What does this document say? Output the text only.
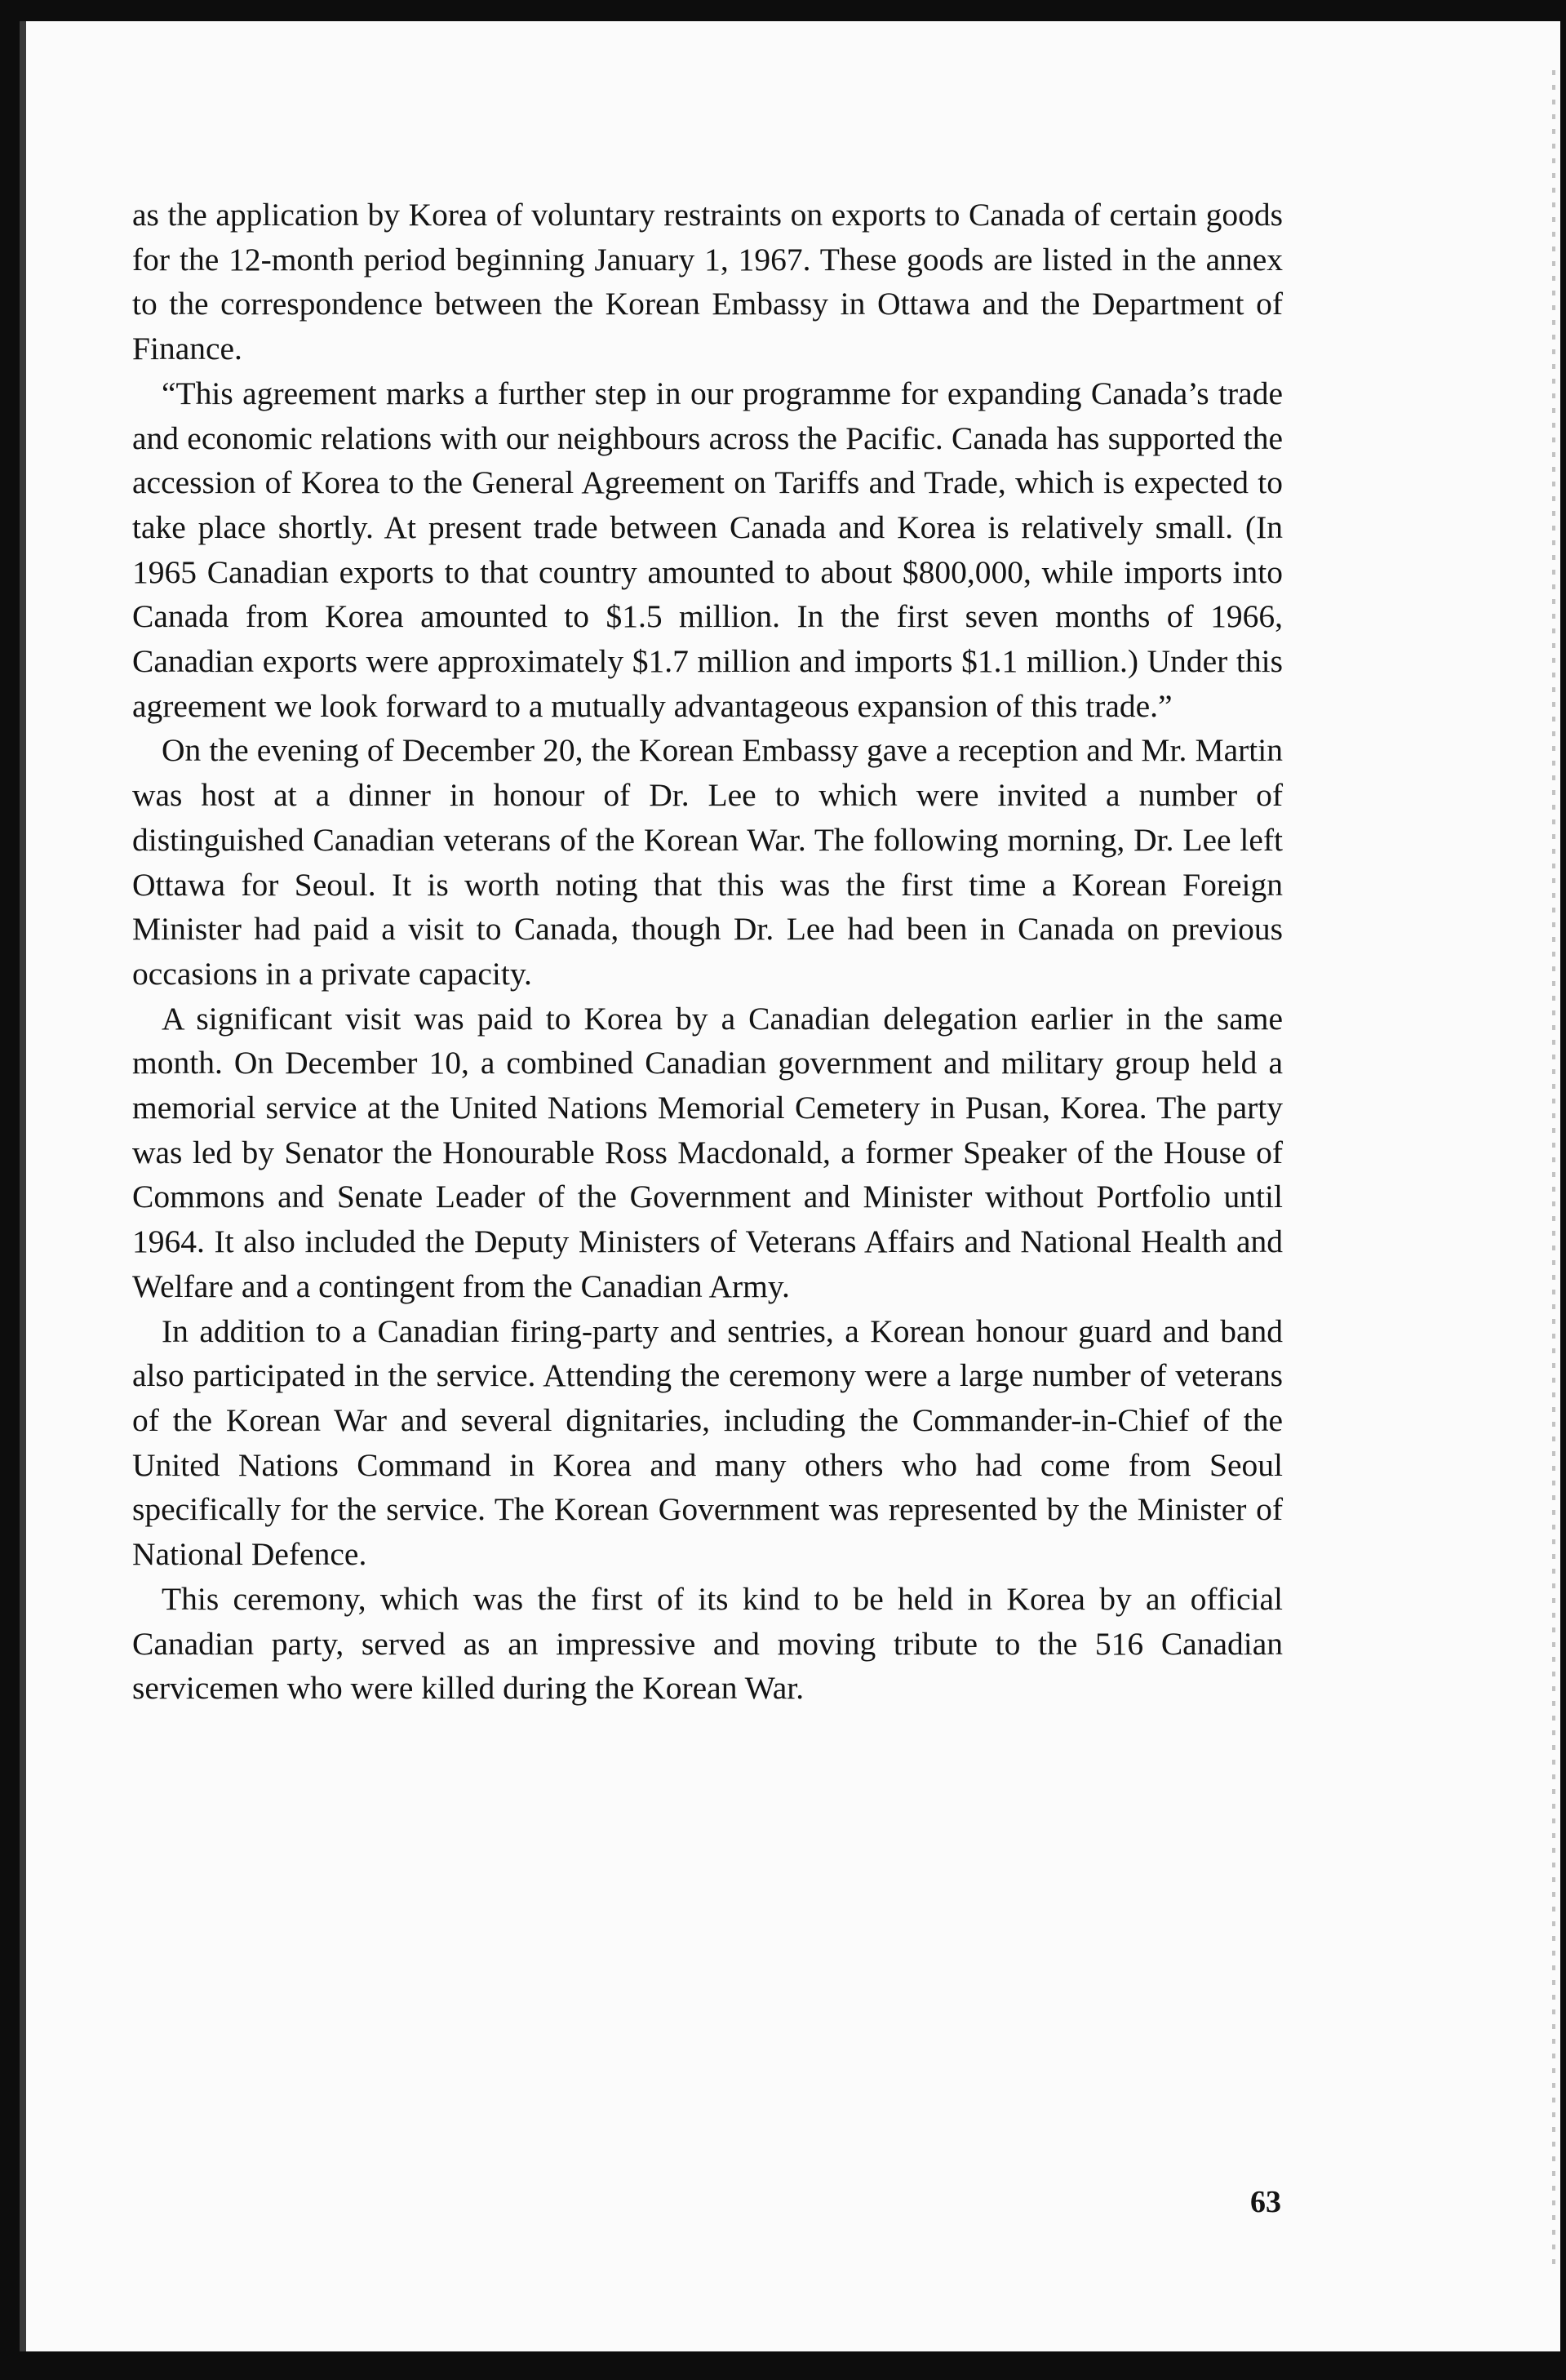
as the application by Korea of voluntary restraints on exports to Canada of certain goods for the 12-month period beginning January 1, 1967. These goods are listed in the annex to the correspondence between the Korean Embassy in Ottawa and the Department of Finance.

“This agreement marks a further step in our programme for expanding Canada’s trade and economic relations with our neighbours across the Pacific. Canada has supported the accession of Korea to the General Agreement on Tariffs and Trade, which is expected to take place shortly. At present trade between Canada and Korea is relatively small. (In 1965 Canadian exports to that country amounted to about $800,000, while imports into Canada from Korea amounted to $1.5 million. In the first seven months of 1966, Canadian exports were approximately $1.7 million and imports $1.1 million.) Under this agreement we look forward to a mutually advantageous expansion of this trade.”

On the evening of December 20, the Korean Embassy gave a reception and Mr. Martin was host at a dinner in honour of Dr. Lee to which were invited a number of distinguished Canadian veterans of the Korean War. The following morning, Dr. Lee left Ottawa for Seoul. It is worth noting that this was the first time a Korean Foreign Minister had paid a visit to Canada, though Dr. Lee had been in Canada on previous occasions in a private capacity.

A significant visit was paid to Korea by a Canadian delegation earlier in the same month. On December 10, a combined Canadian government and military group held a memorial service at the United Nations Memorial Cemetery in Pusan, Korea. The party was led by Senator the Honourable Ross Macdonald, a former Speaker of the House of Commons and Senate Leader of the Government and Minister without Portfolio until 1964. It also included the Deputy Ministers of Veterans Affairs and National Health and Welfare and a contingent from the Canadian Army.

In addition to a Canadian firing-party and sentries, a Korean honour guard and band also participated in the service. Attending the ceremony were a large number of veterans of the Korean War and several dignitaries, including the Commander-in-Chief of the United Nations Command in Korea and many others who had come from Seoul specifically for the service. The Korean Government was represented by the Minister of National Defence.

This ceremony, which was the first of its kind to be held in Korea by an official Canadian party, served as an impressive and moving tribute to the 516 Canadian servicemen who were killed during the Korean War.

63
